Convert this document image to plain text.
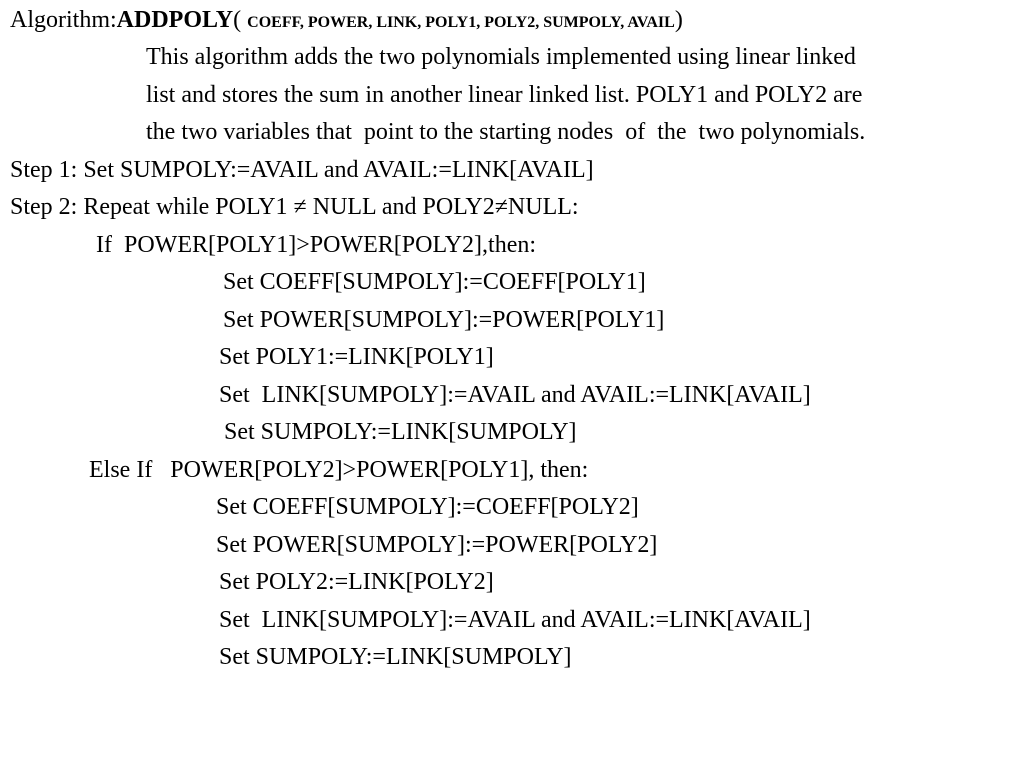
Algorithm:ADDPOLY( COEFF, POWER, LINK, POLY1, POLY2, SUMPOLY, AVAIL)
This algorithm adds the two polynomials implemented using linear linked
list and stores the sum in another linear linked list. POLY1 and POLY2 are
the two variables that  point to the starting nodes  of  the  two polynomials.
Step 1: Set SUMPOLY:=AVAIL and AVAIL:=LINK[AVAIL]
Step 2: Repeat while POLY1 ≠ NULL and POLY2≠NULL:
If  POWER[POLY1]>POWER[POLY2],then:
Set COEFF[SUMPOLY]:=COEFF[POLY1]
Set POWER[SUMPOLY]:=POWER[POLY1]
Set POLY1:=LINK[POLY1]
Set  LINK[SUMPOLY]:=AVAIL and AVAIL:=LINK[AVAIL]
Set SUMPOLY:=LINK[SUMPOLY]
Else If   POWER[POLY2]>POWER[POLY1], then:
Set COEFF[SUMPOLY]:=COEFF[POLY2]
Set POWER[SUMPOLY]:=POWER[POLY2]
Set POLY2:=LINK[POLY2]
Set  LINK[SUMPOLY]:=AVAIL and AVAIL:=LINK[AVAIL]
Set SUMPOLY:=LINK[SUMPOLY]
